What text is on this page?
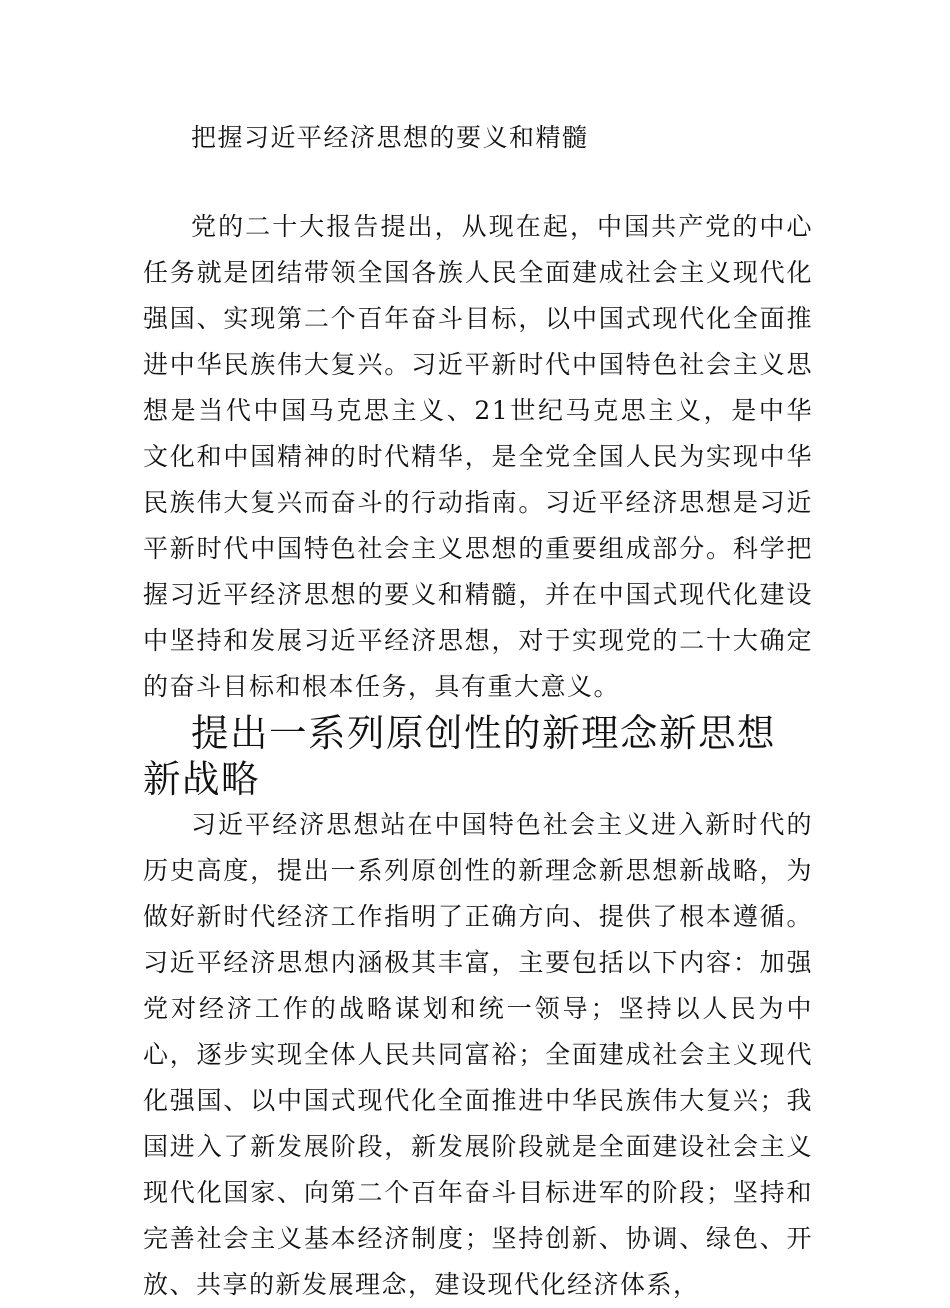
把握习近平经济思想的要义和精髓

党的二十大报告提出，从现在起，中国共产党的中心任务就是团结带领全国各族人民全面建成社会主义现代化强国、实现第二个百年奋斗目标，以中国式现代化全面推进中华民族伟大复兴。习近平新时代中国特色社会主义思想是当代中国马克思主义、21世纪马克思主义，是中华文化和中国精神的时代精华，是全党全国人民为实现中华民族伟大复兴而奋斗的行动指南。习近平经济思想是习近平新时代中国特色社会主义思想的重要组成部分。科学把握习近平经济思想的要义和精髓，并在中国式现代化建设中坚持和发展习近平经济思想，对于实现党的二十大确定的奋斗目标和根本任务，具有重大意义。

提出一系列原创性的新理念新思想新战略

习近平经济思想站在中国特色社会主义进入新时代的历史高度，提出一系列原创性的新理念新思想新战略，为做好新时代经济工作指明了正确方向、提供了根本遵循。习近平经济思想内涵极其丰富，主要包括以下内容：加强党对经济工作的战略谋划和统一领导；坚持以人民为中心，逐步实现全体人民共同富裕；全面建成社会主义现代化强国、以中国式现代化全面推进中华民族伟大复兴；我国进入了新发展阶段，新发展阶段就是全面建设社会主义现代化国家、向第二个百年奋斗目标进军的阶段；坚持和完善社会主义基本经济制度；坚持创新、协调、绿色、开放、共享的新发展理念，建设现代化经济体系，
